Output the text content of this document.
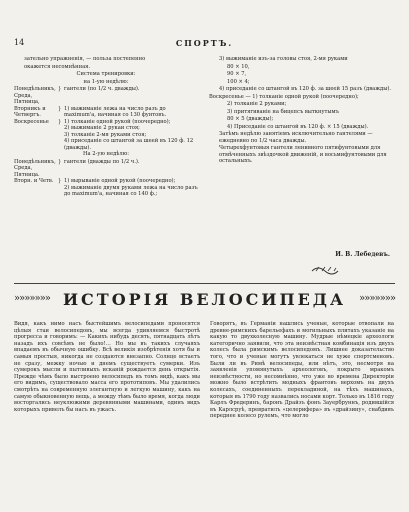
14	СПОРТЪ.
зательно упражненія, — польза постепенно
окажется несомнѣнная.
Система тренировки:
на 1-ую недѣлю:
Понедѣльникъ, Среда, Пятница,
} гантели (по 1/2 ч. дважды).
Вторникъ и Четвергъ.
} 1) выжиманіе лежа на число разъ до maximum'a, начиная со 130 фунтовъ.
Воскресенье	} 1) толканіе одной рукой (поочередно);
2) выжиманіе 2 рукаи стоя;
3) толканіе 2-мя руками стоя;
4) приседаніе со штангой за шеей въ 120 ф. 12 (дважды).
На 2-ую недѣлю:
Понедѣльникъ, Среда, Пятница.
} гантели (дважды по 1/2 ч.).
Вторн. и Четв. } 1) вырываніе одной рукой (поочередно);
2) выжиманіе двумя руками лежа на число разъ до maximum'a, начиная со 140 ф.;
3) выжиманіе изъ-за головы стоя, 2-мя руками
80 × 10,
90 × 7,
100 × 4;
4) приседаніе со штангой въ 120 ф. за шеей 15 разъ (дважды).
Воскресенье — 1) толканіе одной рукой (поочередно);
2) толканіе 2 руками;
3) притягиваніе на бицепсъ выткнутымъ
80 × 5 (дважды);
4) Приседаніе со штангой въ 120 ф. × 15 (дважды).
Затѣмъ недѣлю занятіемъ исключительно гантелями — ежедневно по 1/2 часа дважды.
Четырехфунтовыя гантели ленивного пятифунтовыми для отмѣченныхъ звѣздочкой движеній, и восьмифунтовыми для остальныхъ.
И. В. Лебедевъ.
»»»»»»»	»»»»»»»
ИСТОРІЯ ВЕЛОСИПЕДА
Видя, какъ нимо насъ быстейшимъ велосипедами проносятся цѣлыя стаи велосипедовъ, мы всегда удивляемся быстротѣ прогресса и говоримъ: — Какихъ нибудь десять, пятнадцать лѣтъ назадъ ихъ совсѣмъ не было!… Но мы въ такихъ случаяхъ впадаемъ въ обычную ошибку. Всѣ великія изобрѣтенія хотя бы и самыя простыя, никогда не создаются внезапно. Солнце встаетъ не сразу, межку ночью и днемъ существуетъ сумерки. Изъ сумерокъ мысли и пытливыхъ исканій рождается день открытія. Прежде чѣмъ было выстроено велосипедъ въ томъ видѣ, какъ мы его видимъ, существовало масса его прототиповъ. Мы удалились смотрѣть на современную элегантную и легкую машину, какъ на самую обыкновенную вещь, а между тѣмъ было время, когда люди восторгались неуклюжими деревянными машинами, одинъ видъ которыхъ привелъ бы насъ въ ужасъ.
Говорятъ, въ Германіи нашлись ученые, которые отвопали на древне-римскихъ барельефахъ и могильныхъ плитахъ указаніе на какую то двухколесную машину. Мудрые нѣмецкіе археологи категорично заявили, что эта неизвѣстная комбинація изъ двухъ колесъ была римскимъ велосипедомъ. Лишнее доказательство того, что и ученые могутъ увлекаться не хуже спортсменовъ. Были ли въ Римѣ велосипеды, или нѣтъ, это, несмотря на заявленія упомянутыхъ археологовъ, покрыто мракомъ неизвѣстности, но несомнѣнно, что уже во времена Директоріи можно было встрѣтить модныхъ франтовъ верхомъ на двухъ колесахъ, соединенныхъ перекладиной, на тѣхъ машинахъ, которыя въ 1790 году назвались носами корт. Только въ 1816 году Карлъ Фредеринъ, баронъ Драйзъ фонъ Зауербруннъ, родившійся въ Карлсруѣ, превратилъ «целерифера» въ «драйзину», снабдивъ переднее колесо рулемъ, что могло
